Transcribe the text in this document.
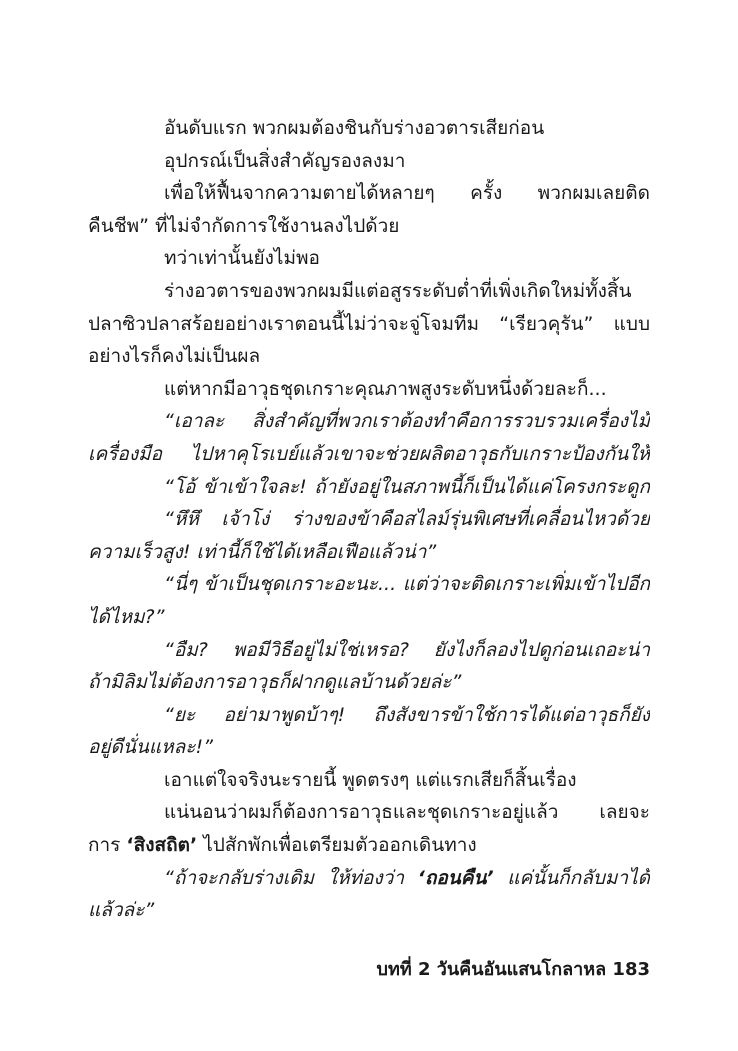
อันดับแรก พวกผมต้องชินกับร่างอวตารเสียก่อน
อุปกรณ์เป็นสิ่งสำคัญรองลงมา
เพื่อให้ฟื้นจากความตายได้หลายๆ ครั้ง พวกผมเลยติด
คืนชีพ” ที่ไม่จำกัดการใช้งานลงไปด้วย
ทว่าเท่านั้นยังไม่พอ
ร่างอวตารของพวกผมมีแต่อสูรระดับต่ำที่เพิ่งเกิดใหม่ทั้งสิ้น
ปลาซิวปลาสร้อยอย่างเราตอนนี้ไม่ว่าจะจู่โจมทีม “เรียวคุรัน” แบบ
อย่างไรก็คงไม่เป็นผล
แต่หากมีอาวุธชุดเกราะคุณภาพสูงระดับหนึ่งด้วยละก็...
“เอาละ สิ่งสำคัญที่พวกเราต้องทำคือการรวบรวมเครื่องไม้
เครื่องมือ ไปหาคุโรเบย์แล้วเขาจะช่วยผลิตอาวุธกับเกราะป้องกันให้
“โอ้ ข้าเข้าใจละ! ถ้ายังอยู่ในสภาพนี้ก็เป็นได้แค่โครงกระดูก
“หึหึ เจ้าโง่ ร่างของข้าคือสไลม์รุ่นพิเศษที่เคลื่อนไหวด้วย
ความเร็วสูง! เท่านี้ก็ใช้ได้เหลือเฟือแล้วน่า”
“นี่ๆ ข้าเป็นชุดเกราะอะนะ... แต่ว่าจะติดเกราะเพิ่มเข้าไปอีก
ได้ไหม?”
“อืม? พอมีวิธีอยู่ไม่ใช่เหรอ? ยังไงก็ลองไปดูก่อนเถอะน่า
ถ้ามิลิมไม่ต้องการอาวุธก็ฝากดูแลบ้านด้วยล่ะ”
“ยะ อย่ามาพูดบ้าๆ! ถึงสังขารข้าใช้การได้แต่อาวุธก็ยัง
อยู่ดีนั่นแหละ!”
เอาแต่ใจจริงนะรายนี้ พูดตรงๆ แต่แรกเสียก็สิ้นเรื่อง
แน่นอนว่าผมก็ต้องการอาวุธและชุดเกราะอยู่แล้ว เลยจะ
การ ‘สิงสถิต’ ไปสักพักเพื่อเตรียมตัวออกเดินทาง
“ถ้าจะกลับร่างเดิม ให้ท่องว่า ‘ถอนคืน’ แค่นั้นก็กลับมาได้
แล้วล่ะ”
บทที่ 2 วันคืนอันแสนโกลาหล 183
